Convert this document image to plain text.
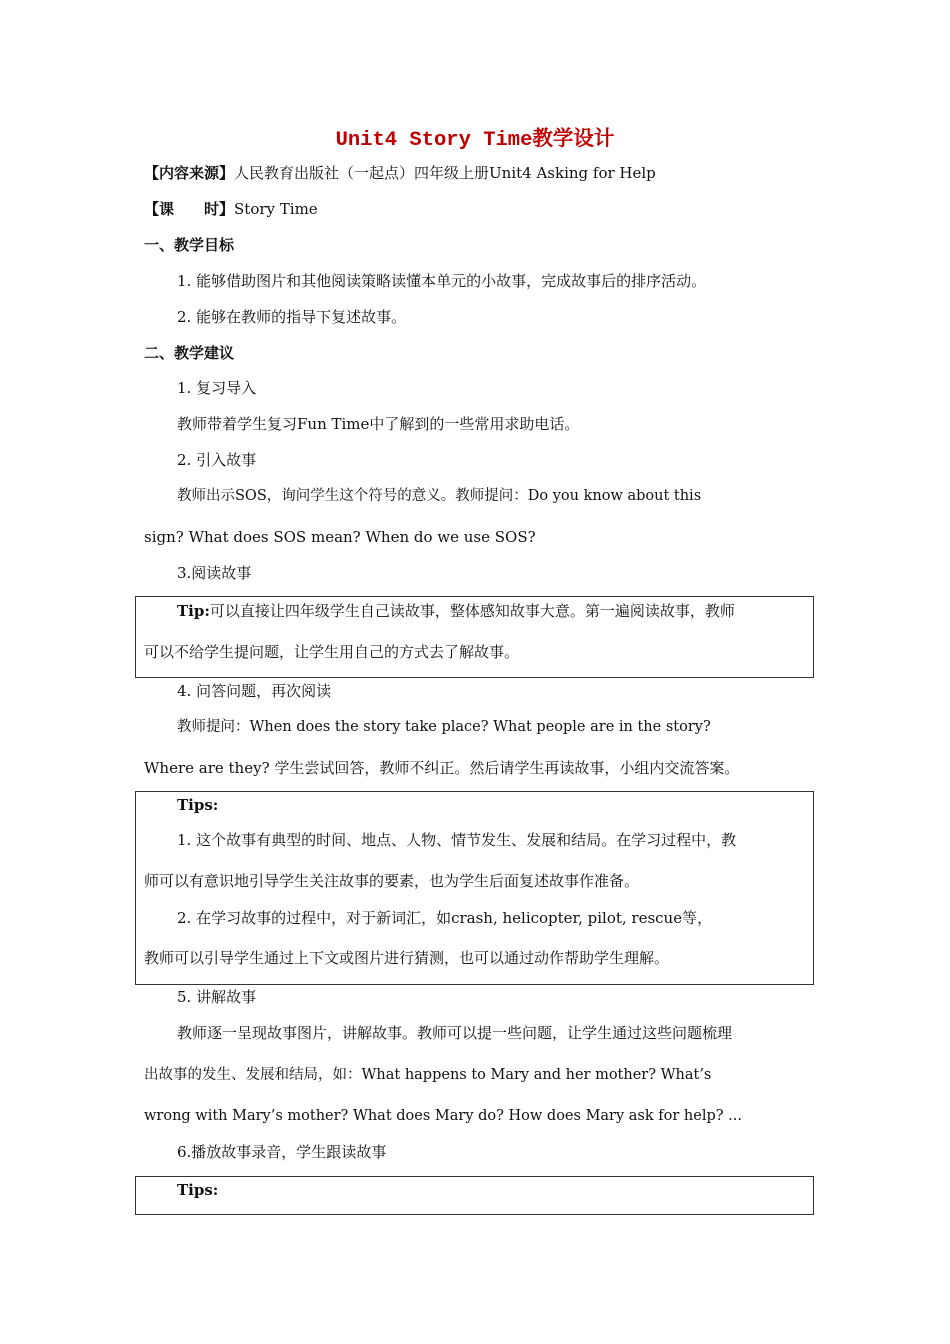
Unit4 Story Time教学设计
【内容来源】人民教育出版社（一起点）四年级上册Unit4 Asking for Help
【课　　时】Story Time
一、教学目标
1. 能够借助图片和其他阅读策略读懂本单元的小故事，完成故事后的排序活动。
2. 能够在教师的指导下复述故事。
二、教学建议
1. 复习导入
教师带着学生复习Fun Time中了解到的一些常用求助电话。
2. 引入故事
教师出示SOS，询问学生这个符号的意义。教师提问：Do you know about this
sign? What does SOS mean? When do we use SOS?
3.阅读故事
Tip:可以直接让四年级学生自己读故事，整体感知故事大意。第一遍阅读故事，教师
可以不给学生提问题，让学生用自己的方式去了解故事。
4. 问答问题，再次阅读
教师提问：When does the story take place? What people are in the story?
Where are they? 学生尝试回答，教师不纠正。然后请学生再读故事，小组内交流答案。
Tips:
1. 这个故事有典型的时间、地点、人物、情节发生、发展和结局。在学习过程中，教
师可以有意识地引导学生关注故事的要素，也为学生后面复述故事作准备。
2. 在学习故事的过程中，对于新词汇，如crash, helicopter, pilot, rescue等，
教师可以引导学生通过上下文或图片进行猜测，也可以通过动作帮助学生理解。
5. 讲解故事
教师逐一呈现故事图片，讲解故事。教师可以提一些问题，让学生通过这些问题梳理
出故事的发生、发展和结局，如：What happens to Mary and her mother? What’s
wrong with Mary’s mother? What does Mary do? How does Mary ask for help? ...
6.播放故事录音，学生跟读故事
Tips:
